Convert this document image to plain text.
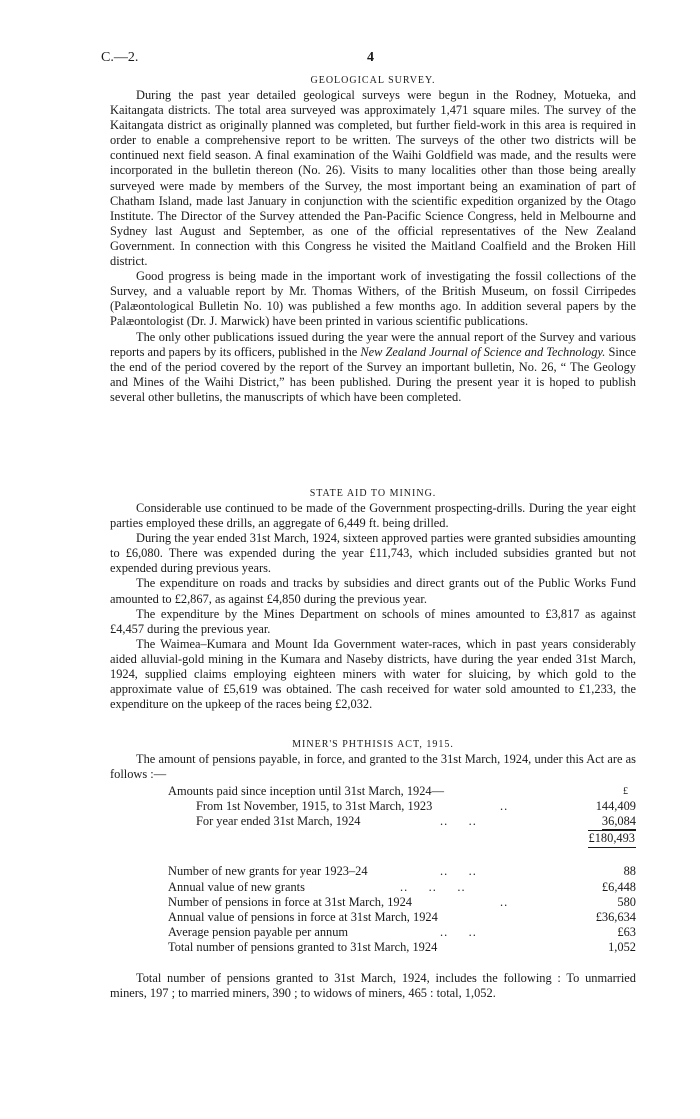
C.—2.	4
GEOLOGICAL SURVEY.

During the past year detailed geological surveys were begun in the Rodney, Motueka, and Kaitangata districts. The total area surveyed was approximately 1,471 square miles. The survey of the Kaitangata district as originally planned was completed, but further field-work in this area is required in order to enable a comprehensive report to be written. The surveys of the other two districts will be continued next field season. A final examination of the Waihi Goldfield was made, and the results were incorporated in the bulletin thereon (No. 26). Visits to many localities other than those being areally surveyed were made by members of the Survey, the most important being an examination of part of Chatham Island, made last January in conjunction with the scientific expedition organized by the Otago Institute. The Director of the Survey attended the Pan-Pacific Science Congress, held in Melbourne and Sydney last August and September, as one of the official representatives of the New Zealand Government. In connection with this Congress he visited the Maitland Coalfield and the Broken Hill district.

Good progress is being made in the important work of investigating the fossil collections of the Survey, and a valuable report by Mr. Thomas Withers, of the British Museum, on fossil Cirripedes (Palæontological Bulletin No. 10) was published a few months ago. In addition several papers by the Palæontologist (Dr. J. Marwick) have been printed in various scientific publications.

The only other publications issued during the year were the annual report of the Survey and various reports and papers by its officers, published in the New Zealand Journal of Science and Technology. Since the end of the period covered by the report of the Survey an important bulletin, No. 26, “ The Geology and Mines of the Waihi District,” has been published. During the present year it is hoped to publish several other bulletins, the manuscripts of which have been completed.

STATE AID TO MINING.

Considerable use continued to be made of the Government prospecting-drills. During the year eight parties employed these drills, an aggregate of 6,449 ft. being drilled.

During the year ended 31st March, 1924, sixteen approved parties were granted subsidies amounting to £6,080. There was expended during the year £11,743, which included subsidies granted but not expended during previous years.

The expenditure on roads and tracks by subsidies and direct grants out of the Public Works Fund amounted to £2,867, as against £4,850 during the previous year.

The expenditure by the Mines Department on schools of mines amounted to £3,817 as against £4,457 during the previous year.

The Waimea–Kumara and Mount Ida Government water-races, which in past years considerably aided alluvial-gold mining in the Kumara and Naseby districts, have during the year ended 31st March, 1924, supplied claims employing eighteen miners with water for sluicing, by which gold to the approximate value of £5,619 was obtained. The cash received for water sold amounted to £1,233, the expenditure on the upkeep of the races being £2,032.

MINER'S PHTHISIS ACT, 1915.

The amount of pensions payable, in force, and granted to the 31st March, 1924, under this Act are as follows :—

Amounts paid since inception until 31st March, 1924—	£
From 1st November, 1915, to 31st March, 1923	..	144,409
For year ended 31st March, 1924	..     ..	36,084
£180,493
Number of new grants for year 1923–24	..     ..	88
Annual value of new grants	..     ..     ..	£6,448
Number of pensions in force at 31st March, 1924	..	580
Annual value of pensions in force at 31st March, 1924	£36,634
Average pension payable per annum	..     ..	£63
Total number of pensions granted to 31st March, 1924	1,052

Total number of pensions granted to 31st March, 1924, includes the following : To unmarried miners, 197 ; to married miners, 390 ; to widows of miners, 465 : total, 1,052.
